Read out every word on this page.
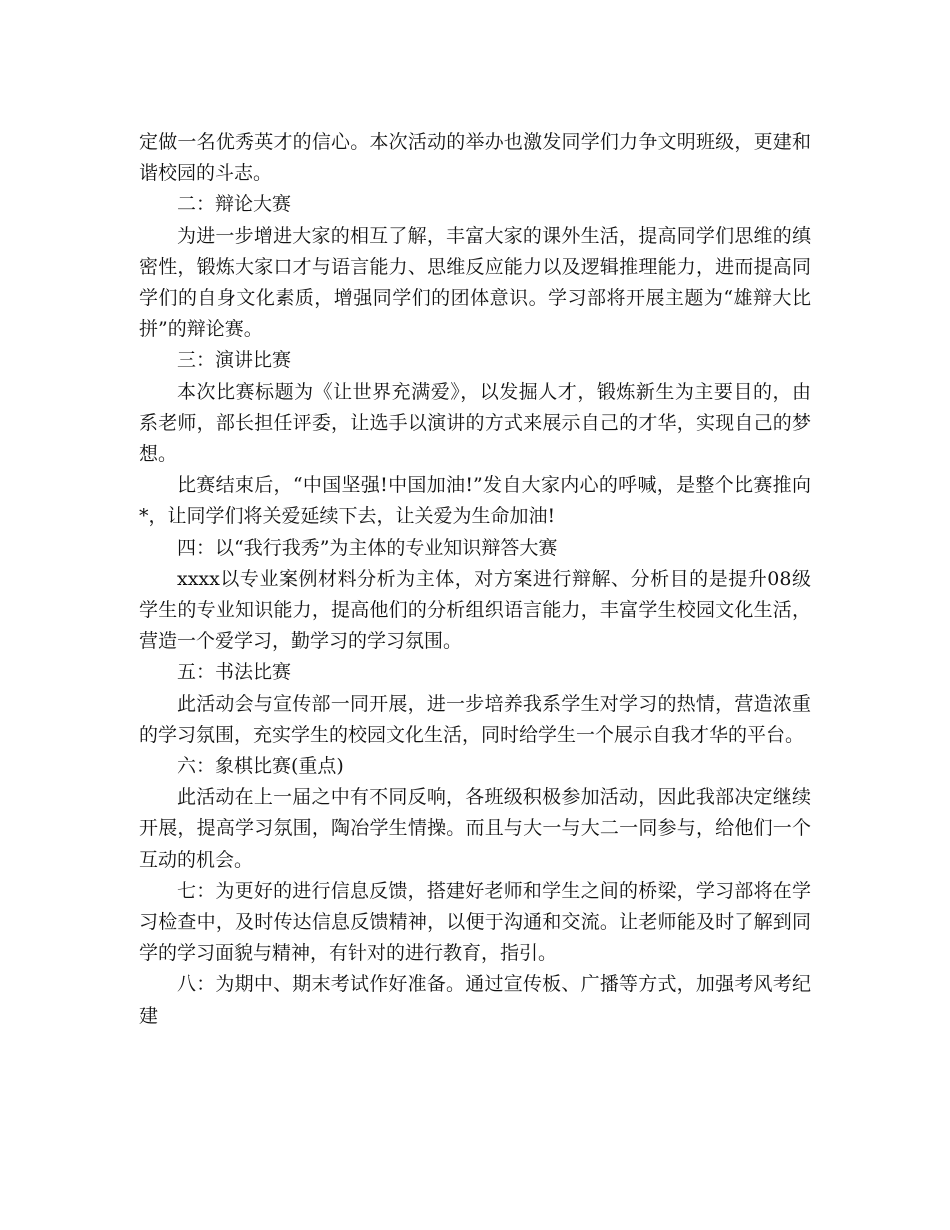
定做一名优秀英才的信心。本次活动的举办也激发同学们力争文明班级，更建和谐校园的斗志。

二：辩论大赛

为进一步增进大家的相互了解，丰富大家的课外生活，提高同学们思维的缜密性，锻炼大家口才与语言能力、思维反应能力以及逻辑推理能力，进而提高同学们的自身文化素质，增强同学们的团体意识。学习部将开展主题为“雄辩大比拼”的辩论赛。

三：演讲比赛

本次比赛标题为《让世界充满爱》，以发掘人才，锻炼新生为主要目的，由系老师，部长担任评委，让选手以演讲的方式来展示自己的才华，实现自己的梦想。

比赛结束后，“中国坚强!中国加油!”发自大家内心的呼喊，是整个比赛推向*，让同学们将关爱延续下去，让关爱为生命加油!

四：以“我行我秀”为主体的专业知识辩答大赛

xxxx以专业案例材料分析为主体，对方案进行辩解、分析目的是提升08级学生的专业知识能力，提高他们的分析组织语言能力，丰富学生校园文化生活，营造一个爱学习，勤学习的学习氛围。

五：书法比赛

此活动会与宣传部一同开展，进一步培养我系学生对学习的热情，营造浓重的学习氛围，充实学生的校园文化生活，同时给学生一个展示自我才华的平台。

六：象棋比赛(重点)

此活动在上一届之中有不同反响，各班级积极参加活动，因此我部决定继续开展，提高学习氛围，陶冶学生情操。而且与大一与大二一同参与，给他们一个互动的机会。

七：为更好的进行信息反馈，搭建好老师和学生之间的桥梁，学习部将在学习检查中，及时传达信息反馈精神，以便于沟通和交流。让老师能及时了解到同学的学习面貌与精神，有针对的进行教育，指引。

八：为期中、期末考试作好准备。通过宣传板、广播等方式，加强考风考纪建
